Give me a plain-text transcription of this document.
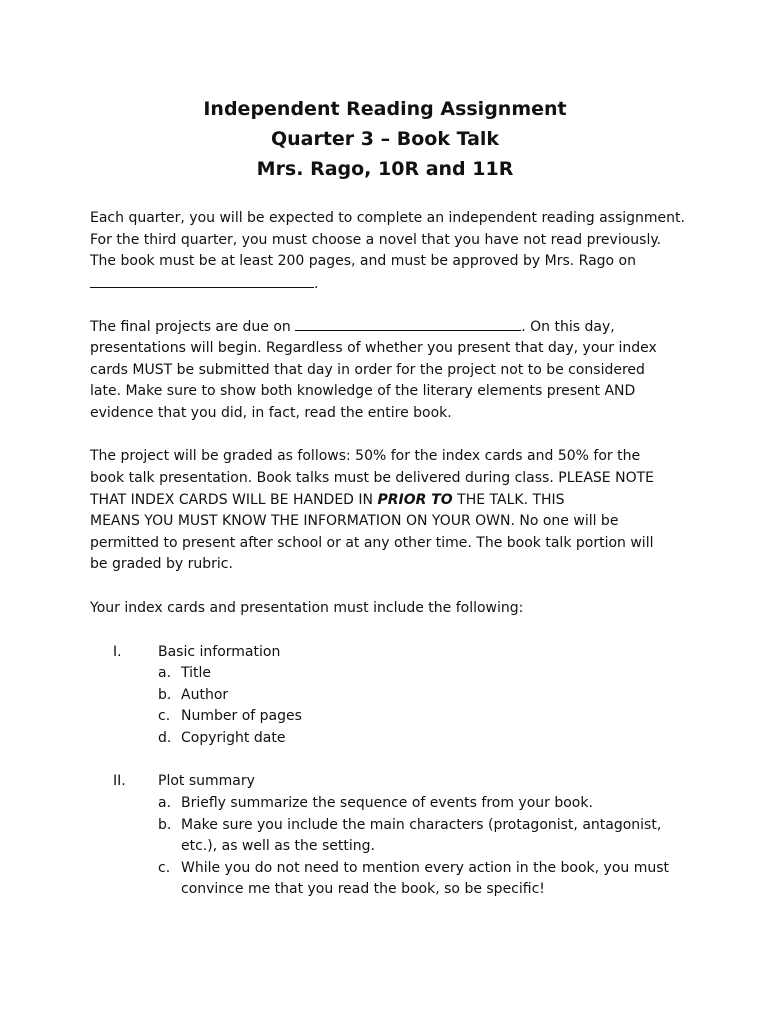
Independent Reading Assignment
Quarter 3 – Book Talk
Mrs. Rago, 10R and 11R
Each quarter, you will be expected to complete an independent reading assignment.
For the third quarter, you must choose a novel that you have not read previously.
The book must be at least 200 pages, and must be approved by Mrs. Rago on
.
The final projects are due on	. On this day,
presentations will begin. Regardless of whether you present that day, your index
cards MUST be submitted that day in order for the project not to be considered
late. Make sure to show both knowledge of the literary elements present AND
evidence that you did, in fact, read the entire book.
The project will be graded as follows: 50% for the index cards and 50% for the
book talk presentation. Book talks must be delivered during class. PLEASE NOTE
THAT INDEX CARDS WILL BE HANDED IN PRIOR TO THE TALK. THIS
MEANS YOU MUST KNOW THE INFORMATION ON YOUR OWN. No one will be
permitted to present after school or at any other time. The book talk portion will
be graded by rubric.
Your index cards and presentation must include the following:
I.	Basic information
a. Title
b. Author
c. Number of pages
d. Copyright date
II.	Plot summary
a. Briefly summarize the sequence of events from your book.
b. Make sure you include the main characters (protagonist, antagonist,
etc.), as well as the setting.
c. While you do not need to mention every action in the book, you must
convince me that you read the book, so be specific!
